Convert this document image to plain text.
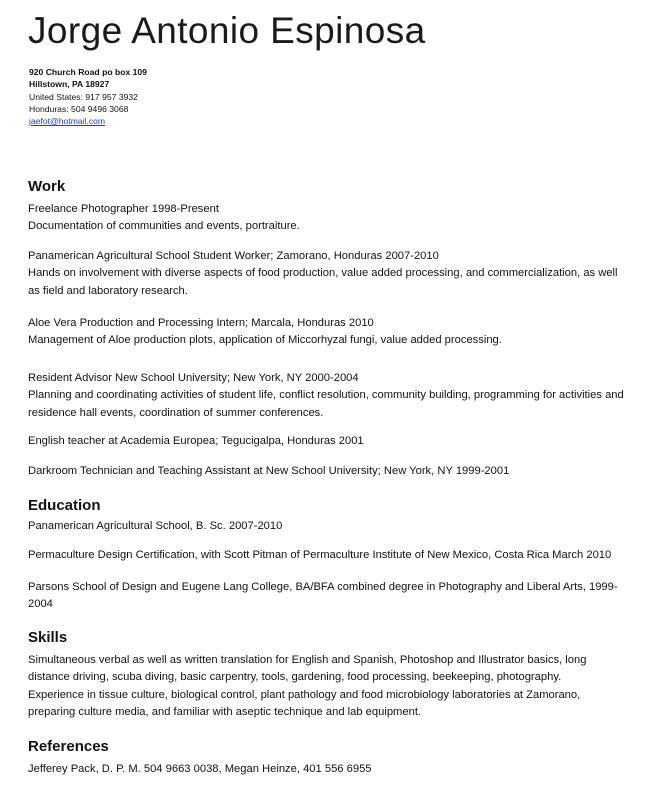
Jorge Antonio Espinosa
920 Church Road po box 109
Hillstown, PA 18927
United States: 917 957 3932
Honduras: 504 9496 3068
jaefot@hotmail.com
Work
Freelance Photographer 1998-Present
Documentation of communities and events, portraiture.
Panamerican Agricultural School Student Worker; Zamorano, Honduras 2007-2010
Hands on involvement with diverse aspects of food production, value added processing, and commercialization, as well
as field and laboratory research.
Aloe Vera Production and Processing Intern; Marcala, Honduras 2010
Management of Aloe production plots, application of Miccorhyzal fungi, value added processing.
Resident Advisor New School University; New York, NY 2000-2004
Planning and coordinating activities of student life, conflict resolution, community building, programming for activities and
residence hall events, coordination of summer conferences.
English teacher at Academia Europea; Tegucigalpa, Honduras 2001
Darkroom Technician and Teaching Assistant at New School University; New York, NY 1999-2001
Education
Panamerican Agricultural School, B. Sc. 2007-2010
Permaculture Design Certification, with Scott Pitman of Permaculture Institute of New Mexico, Costa Rica March 2010
Parsons School of Design and Eugene Lang College, BA/BFA combined degree in Photography and Liberal Arts, 1999-
2004
Skills
Simultaneous verbal as well as written translation for English and Spanish, Photoshop and Illustrator basics, long
distance driving, scuba diving, basic carpentry, tools, gardening, food processing, beekeeping, photography.
Experience in tissue culture, biological control, plant pathology and food microbiology laboratories at Zamorano,
preparing culture media, and familiar with aseptic technique and lab equipment.
References
Jefferey Pack, D. P. M. 504 9663 0038, Megan Heinze, 401 556 6955
